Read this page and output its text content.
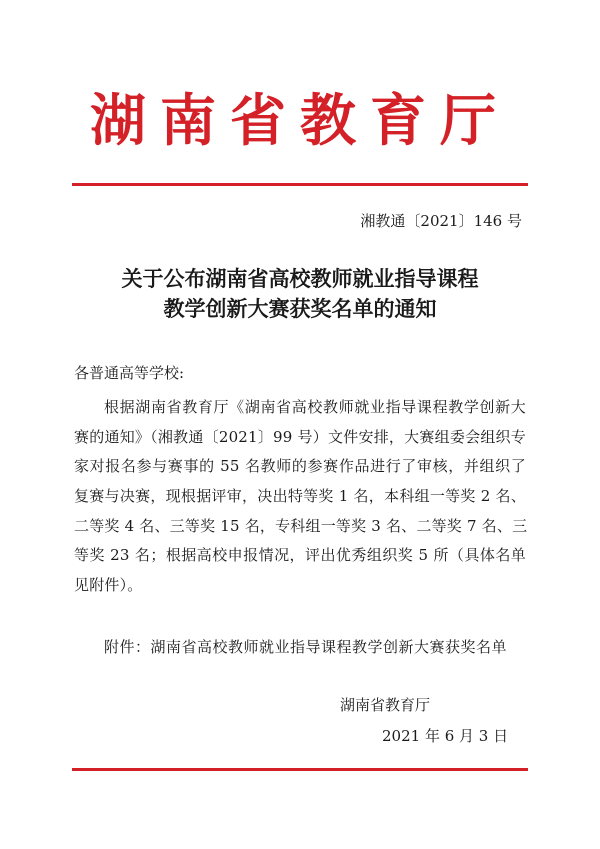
湖南省教育厅
湘教通〔2021〕146 号
关于公布湖南省高校教师就业指导课程
教学创新大赛获奖名单的通知
各普通高等学校:
根据湖南省教育厅《湖南省高校教师就业指导课程教学创新大
赛的通知》（湘教通〔2021〕99 号）文件安排，大赛组委会组织专
家对报名参与赛事的 55 名教师的参赛作品进行了审核，并组织了
复赛与决赛，现根据评审，决出特等奖 1 名，本科组一等奖 2 名、
二等奖 4 名、三等奖 15 名，专科组一等奖 3 名、二等奖 7 名、三
等奖 23 名；根据高校申报情况，评出优秀组织奖 5 所（具体名单
见附件）。
附件：湖南省高校教师就业指导课程教学创新大赛获奖名单
湖南省教育厅
2021 年 6 月 3 日
